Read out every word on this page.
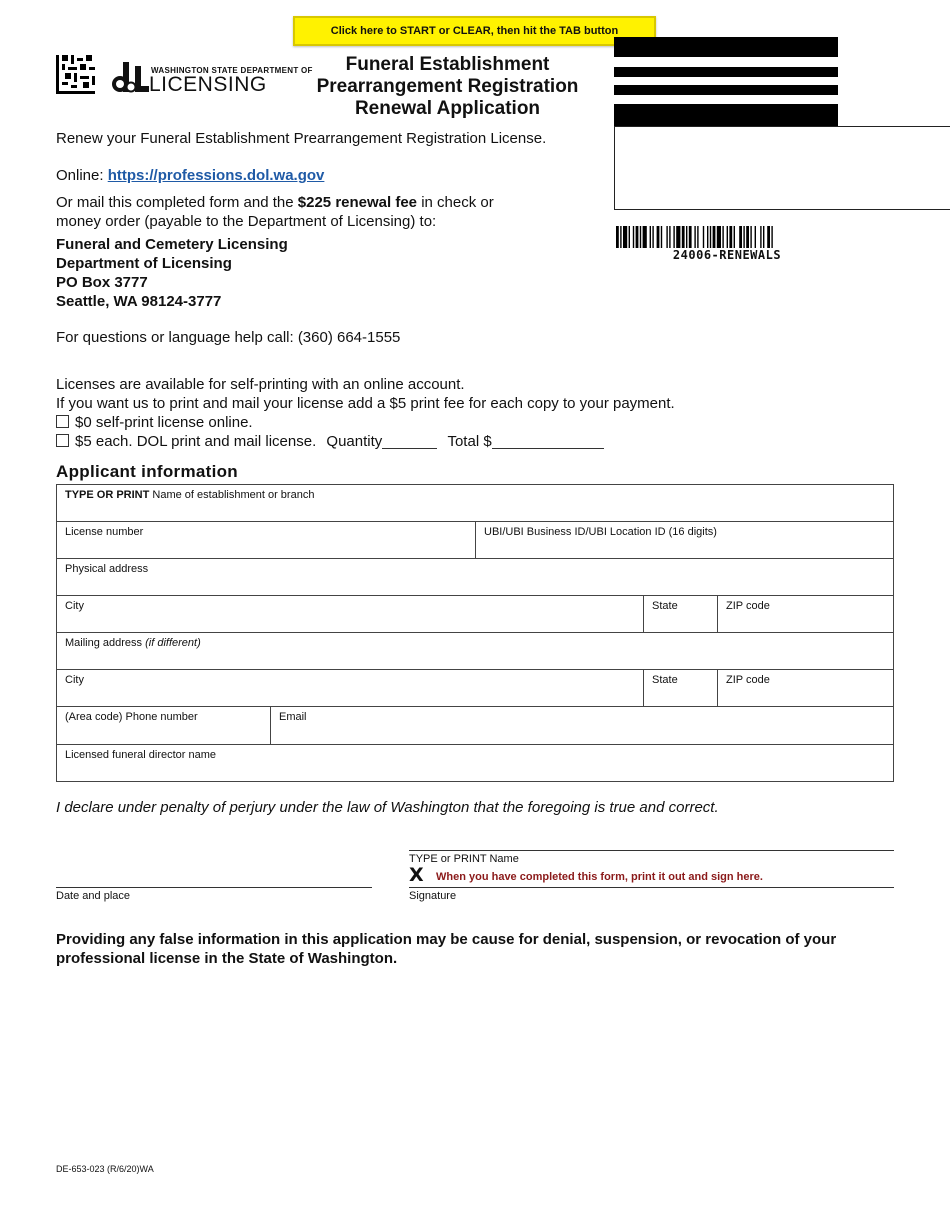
Click here to START or CLEAR, then hit the TAB button
WASHINGTON STATE DEPARTMENT OF
LICENSING
Funeral Establishment
Prearrangement Registration
Renewal Application
24006-RENEWALS
Renew your Funeral Establishment Prearrangement Registration License.
Online: https://professions.dol.wa.gov
Or mail this completed form and the $225 renewal fee in check or
money order (payable to the Department of Licensing) to:
Funeral and Cemetery Licensing
Department of Licensing
PO Box 3777
Seattle, WA 98124-3777
For questions or language help call: (360) 664-1555
Licenses are available for self-printing with an online account.
If you want us to print and mail your license add a $5 print fee for each copy to your payment.
$0 self-print license online.
$5 each. DOL print and mail license. Quantity	Total $
Applicant information
TYPE OR PRINT Name of establishment or branch
License number	UBI/UBI Business ID/UBI Location ID (16 digits)
Physical address
City	State	ZIP code
Mailing address (if different)
City	State	ZIP code
(Area code) Phone number	Email
Licensed funeral director name
I declare under penalty of perjury under the law of Washington that the foregoing is true and correct.
TYPE or PRINT Name
X When you have completed this form, print it out and sign here.
Date and place	Signature
Providing any false information in this application may be cause for denial, suspension, or revocation of your professional license in the State of Washington.
DE-653-023 (R/6/20)WA
